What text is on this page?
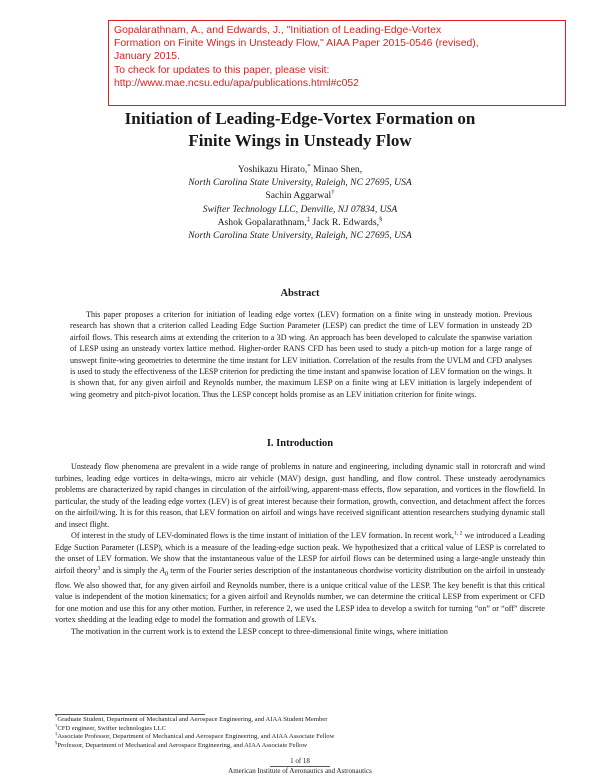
Gopalarathnam, A., and Edwards, J., "Initiation of Leading-Edge-Vortex
Formation on Finite Wings in Unsteady Flow," AIAA Paper 2015-0546 (revised),
January 2015.
To check for updates to this paper, please visit:
http://www.mae.ncsu.edu/apa/publications.html#c052
Initiation of Leading-Edge-Vortex Formation on
Finite Wings in Unsteady Flow
Yoshikazu Hirato,* Minao Shen,
North Carolina State University, Raleigh, NC 27695, USA
Sachin Aggarwal†
Swifter Technology LLC, Denville, NJ 07834, USA
Ashok Gopalarathnam,‡ Jack R. Edwards,§
North Carolina State University, Raleigh, NC 27695, USA
Abstract

This paper proposes a criterion for initiation of leading edge vortex (LEV) formation on a finite wing in unsteady motion. Previous research has shown that a criterion called Leading Edge Suction Parameter (LESP) can predict the time of LEV formation in unsteady 2D airfoil flows. This research aims at extending the criterion to a 3D wing. An approach has been developed to calculate the spanwise variation of LESP using an unsteady vortex lattice method. Higher-order RANS CFD has been used to study a pitch-up motion for a large range of unswept finite-wing geometries to determine the time instant for LEV initiation. Correlation of the results from the UVLM and CFD analyses is used to study the effectiveness of the LESP criterion for predicting the time instant and spanwise location of LEV formation on the wings. It is shown that, for any given airfoil and Reynolds number, the maximum LESP on a finite wing at LEV initiation is largely independent of wing geometry and pitch-pivot location. Thus the LESP concept holds promise as an LEV initiation criterion for finite wings.

I. Introduction

Unsteady flow phenomena are prevalent in a wide range of problems in nature and engineering, including dynamic stall in rotorcraft and wind turbines, leading edge vortices in delta-wings, micro air vehicle (MAV) design, gust handling, and flow control. These unsteady aerodynamics problems are characterized by rapid changes in circulation of the airfoil/wing, apparent-mass effects, flow separation, and vortices in the flowfield. In particular, the study of the leading edge vortex (LEV) is of great interest because their formation, growth, convection, and detachment affect the forces on the airfoil/wing. It is for this reason, that LEV formation on airfoil and wings have received significant attention researchers studying dynamic stall and insect flight.

Of interest in the study of LEV-dominated flows is the time instant of initiation of the LEV formation. In recent work,$^{1, 2}$ we introduced a Leading Edge Suction Parameter (LESP), which is a measure of the leading-edge suction peak. We hypothesized that a critical value of LESP is correlated to the onset of LEV formation. We show that the instantaneous value of the LESP for airfoil flows can be determined using a large-angle unsteady thin airfoil theory$^3$ and is simply the $A_0$ term of the Fourier series description of the instantaneous chordwise vorticity distribution on the airfoil in unsteady flow. We also showed that, for any given airfoil and Reynolds number, there is a unique critical value of the LESP. The key benefit is that this critical value is independent of the motion kinematics; for a given airfoil and Reynolds number, we can determine the critical LESP from experiment or CFD for one motion and use this for any other motion. Further, in reference 2, we used the LESP idea to develop a switch for turning “on” or “off” discrete vortex shedding at the leading edge to model the formation and growth of LEVs.

The motivation in the current work is to extend the LESP concept to three-dimensional finite wings, where initiation

*Graduate Student, Department of Mechanical and Aerospace Engineering, and AIAA Student Member
†CFD engineer, Swifter technologies LLC
‡Associate Professor, Department of Mechanical and Aerospace Engineering, and AIAA Associate Fellow
§Professor, Department of Mechanical and Aerospace Engineering, and AIAA Associate Fellow
1 of 18
American Institute of Aeronautics and Astronautics
